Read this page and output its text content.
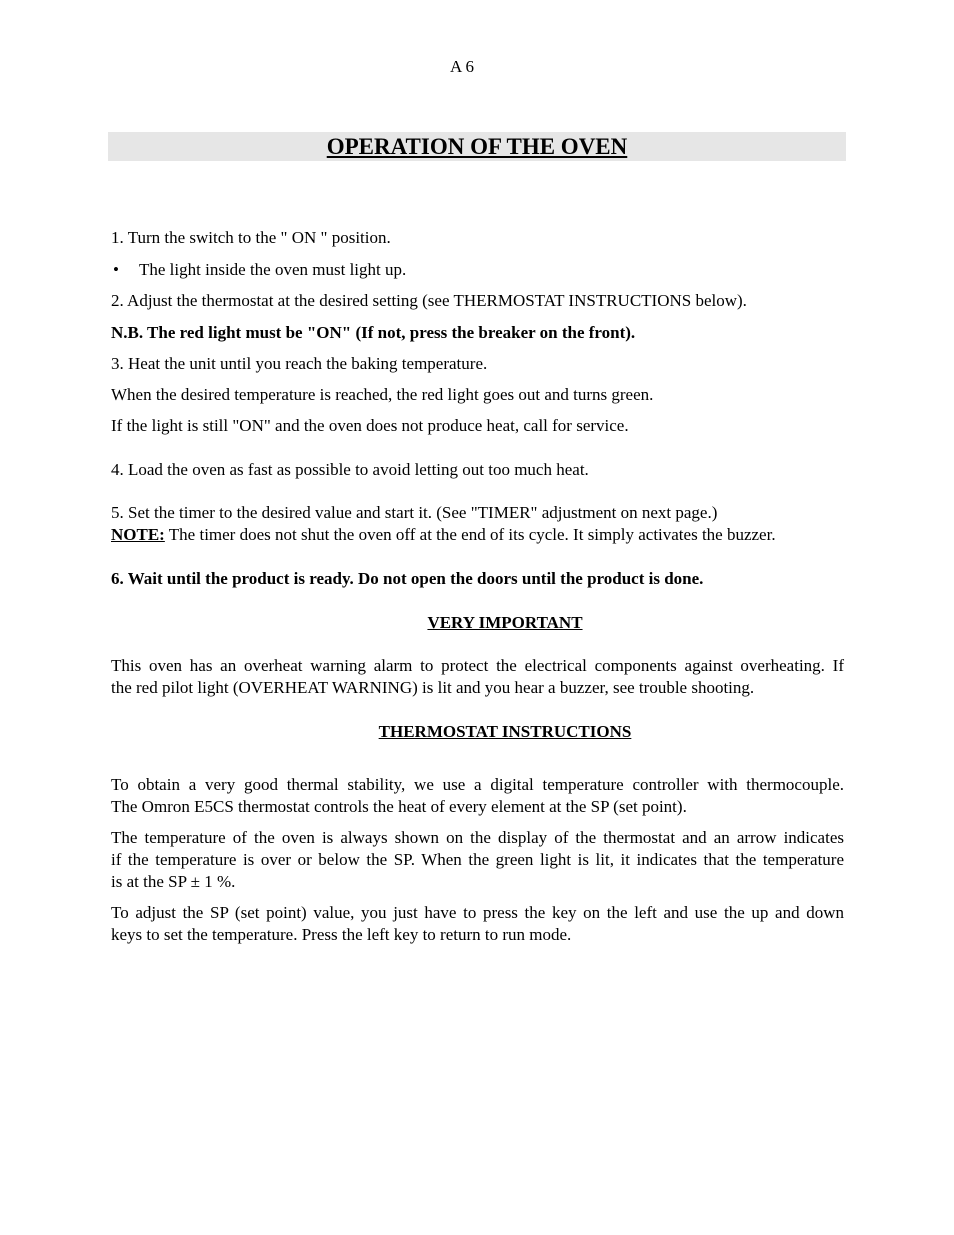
A 6
OPERATION OF THE OVEN
1. Turn the switch to the " ON " position.
• The light inside the oven must light up.
2. Adjust the thermostat at the desired setting (see THERMOSTAT INSTRUCTIONS below).
N.B. The red light must be "ON" (If not, press the breaker on the front).
3. Heat the unit until you reach the baking temperature.
When the desired temperature is reached, the red light goes out and turns green.
If the light is still "ON" and the oven does not produce heat, call for service.
4. Load the oven as fast as possible to avoid letting out too much heat.
5. Set the timer to the desired value and start it. (See "TIMER" adjustment on next page.)
NOTE: The timer does not shut the oven off at the end of its cycle. It simply activates the buzzer.
6. Wait until the product is ready. Do not open the doors until the product is done.
VERY IMPORTANT
This oven has an overheat warning alarm to protect the electrical components against overheating. If
the red pilot light (OVERHEAT WARNING) is lit and you hear a buzzer, see trouble shooting.
THERMOSTAT INSTRUCTIONS
To obtain a very good thermal stability, we use a digital temperature controller with thermocouple.
The Omron E5CS thermostat controls the heat of every element at the SP (set point).
The temperature of the oven is always shown on the display of the thermostat and an arrow indicates
if the temperature is over or below the SP. When the green light is lit, it indicates that the temperature
is at the SP ± 1 %.
To adjust the SP (set point) value, you just have to press the key on the left and use the up and down
keys to set the temperature. Press the left key to return to run mode.
